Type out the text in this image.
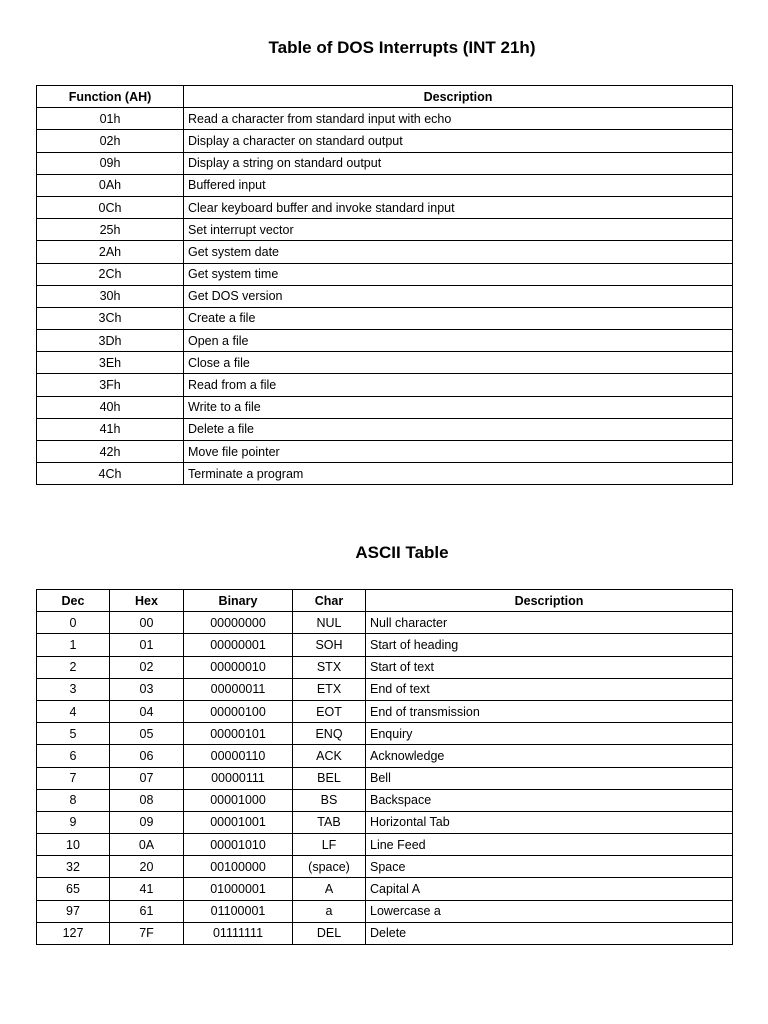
Table of DOS Interrupts (INT 21h)
Function (AH)	Description
01h	Read a character from standard input with echo
02h	Display a character on standard output
09h	Display a string on standard output
0Ah	Buffered input
0Ch	Clear keyboard buffer and invoke standard input
25h	Set interrupt vector
2Ah	Get system date
2Ch	Get system time
30h	Get DOS version
3Ch	Create a file
3Dh	Open a file
3Eh	Close a file
3Fh	Read from a file
40h	Write to a file
41h	Delete a file
42h	Move file pointer
4Ch	Terminate a program
ASCII Table
Dec	Hex	Binary	Char	Description
0	00	00000000	NUL	Null character
1	01	00000001	SOH	Start of heading
2	02	00000010	STX	Start of text
3	03	00000011	ETX	End of text
4	04	00000100	EOT	End of transmission
5	05	00000101	ENQ	Enquiry
6	06	00000110	ACK	Acknowledge
7	07	00000111	BEL	Bell
8	08	00001000	BS	Backspace
9	09	00001001	TAB	Horizontal Tab
10	0A	00001010	LF	Line Feed
32	20	00100000	(space)	Space
65	41	01000001	A	Capital A
97	61	01100001	a	Lowercase a
127	7F	01111111	DEL	Delete
